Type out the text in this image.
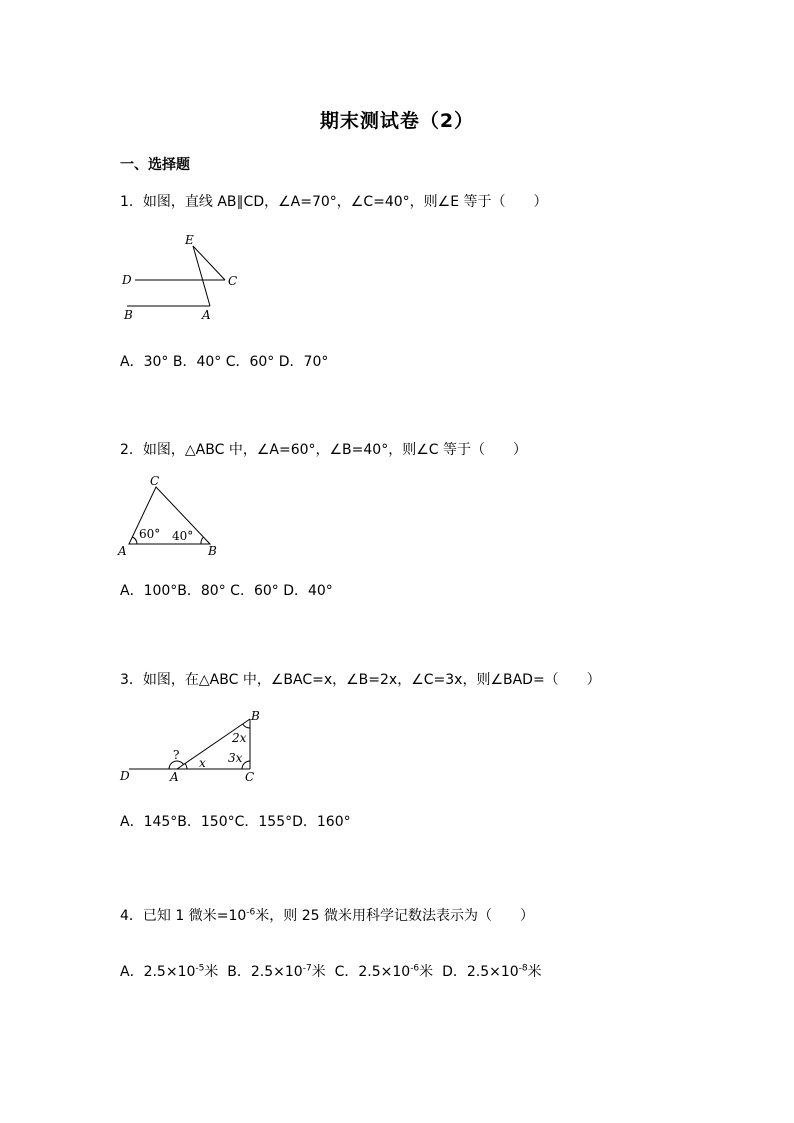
期末测试卷（2）
一、选择题
1．如图，直线 AB∥CD，∠A=70°，∠C=40°，则∠E 等于（　　）
E
D	C
B	A
A．30° B．40° C．60° D．70°
2．如图，△ABC 中，∠A=60°，∠B=40°，则∠C 等于（　　）
C
A	B
60° 40°
A．100°B．80° C．60° D．40°
3．如图，在△ABC 中，∠BAC=x，∠B=2x，∠C=3x，则∠BAD=（　　）
B
D	A	C
?
x
2x
3x
A．145°B．150°C．155°D．160°
4．已知 1 微米$=10^{-6}$米，则 25 微米用科学记数法表示为（　　）
A．$2.5\times 10^{-5}$米 B．$2.5\times 10^{-7}$米 C．$2.5\times 10^{-6}$米 D．$2.5\times 10^{-8}$米
